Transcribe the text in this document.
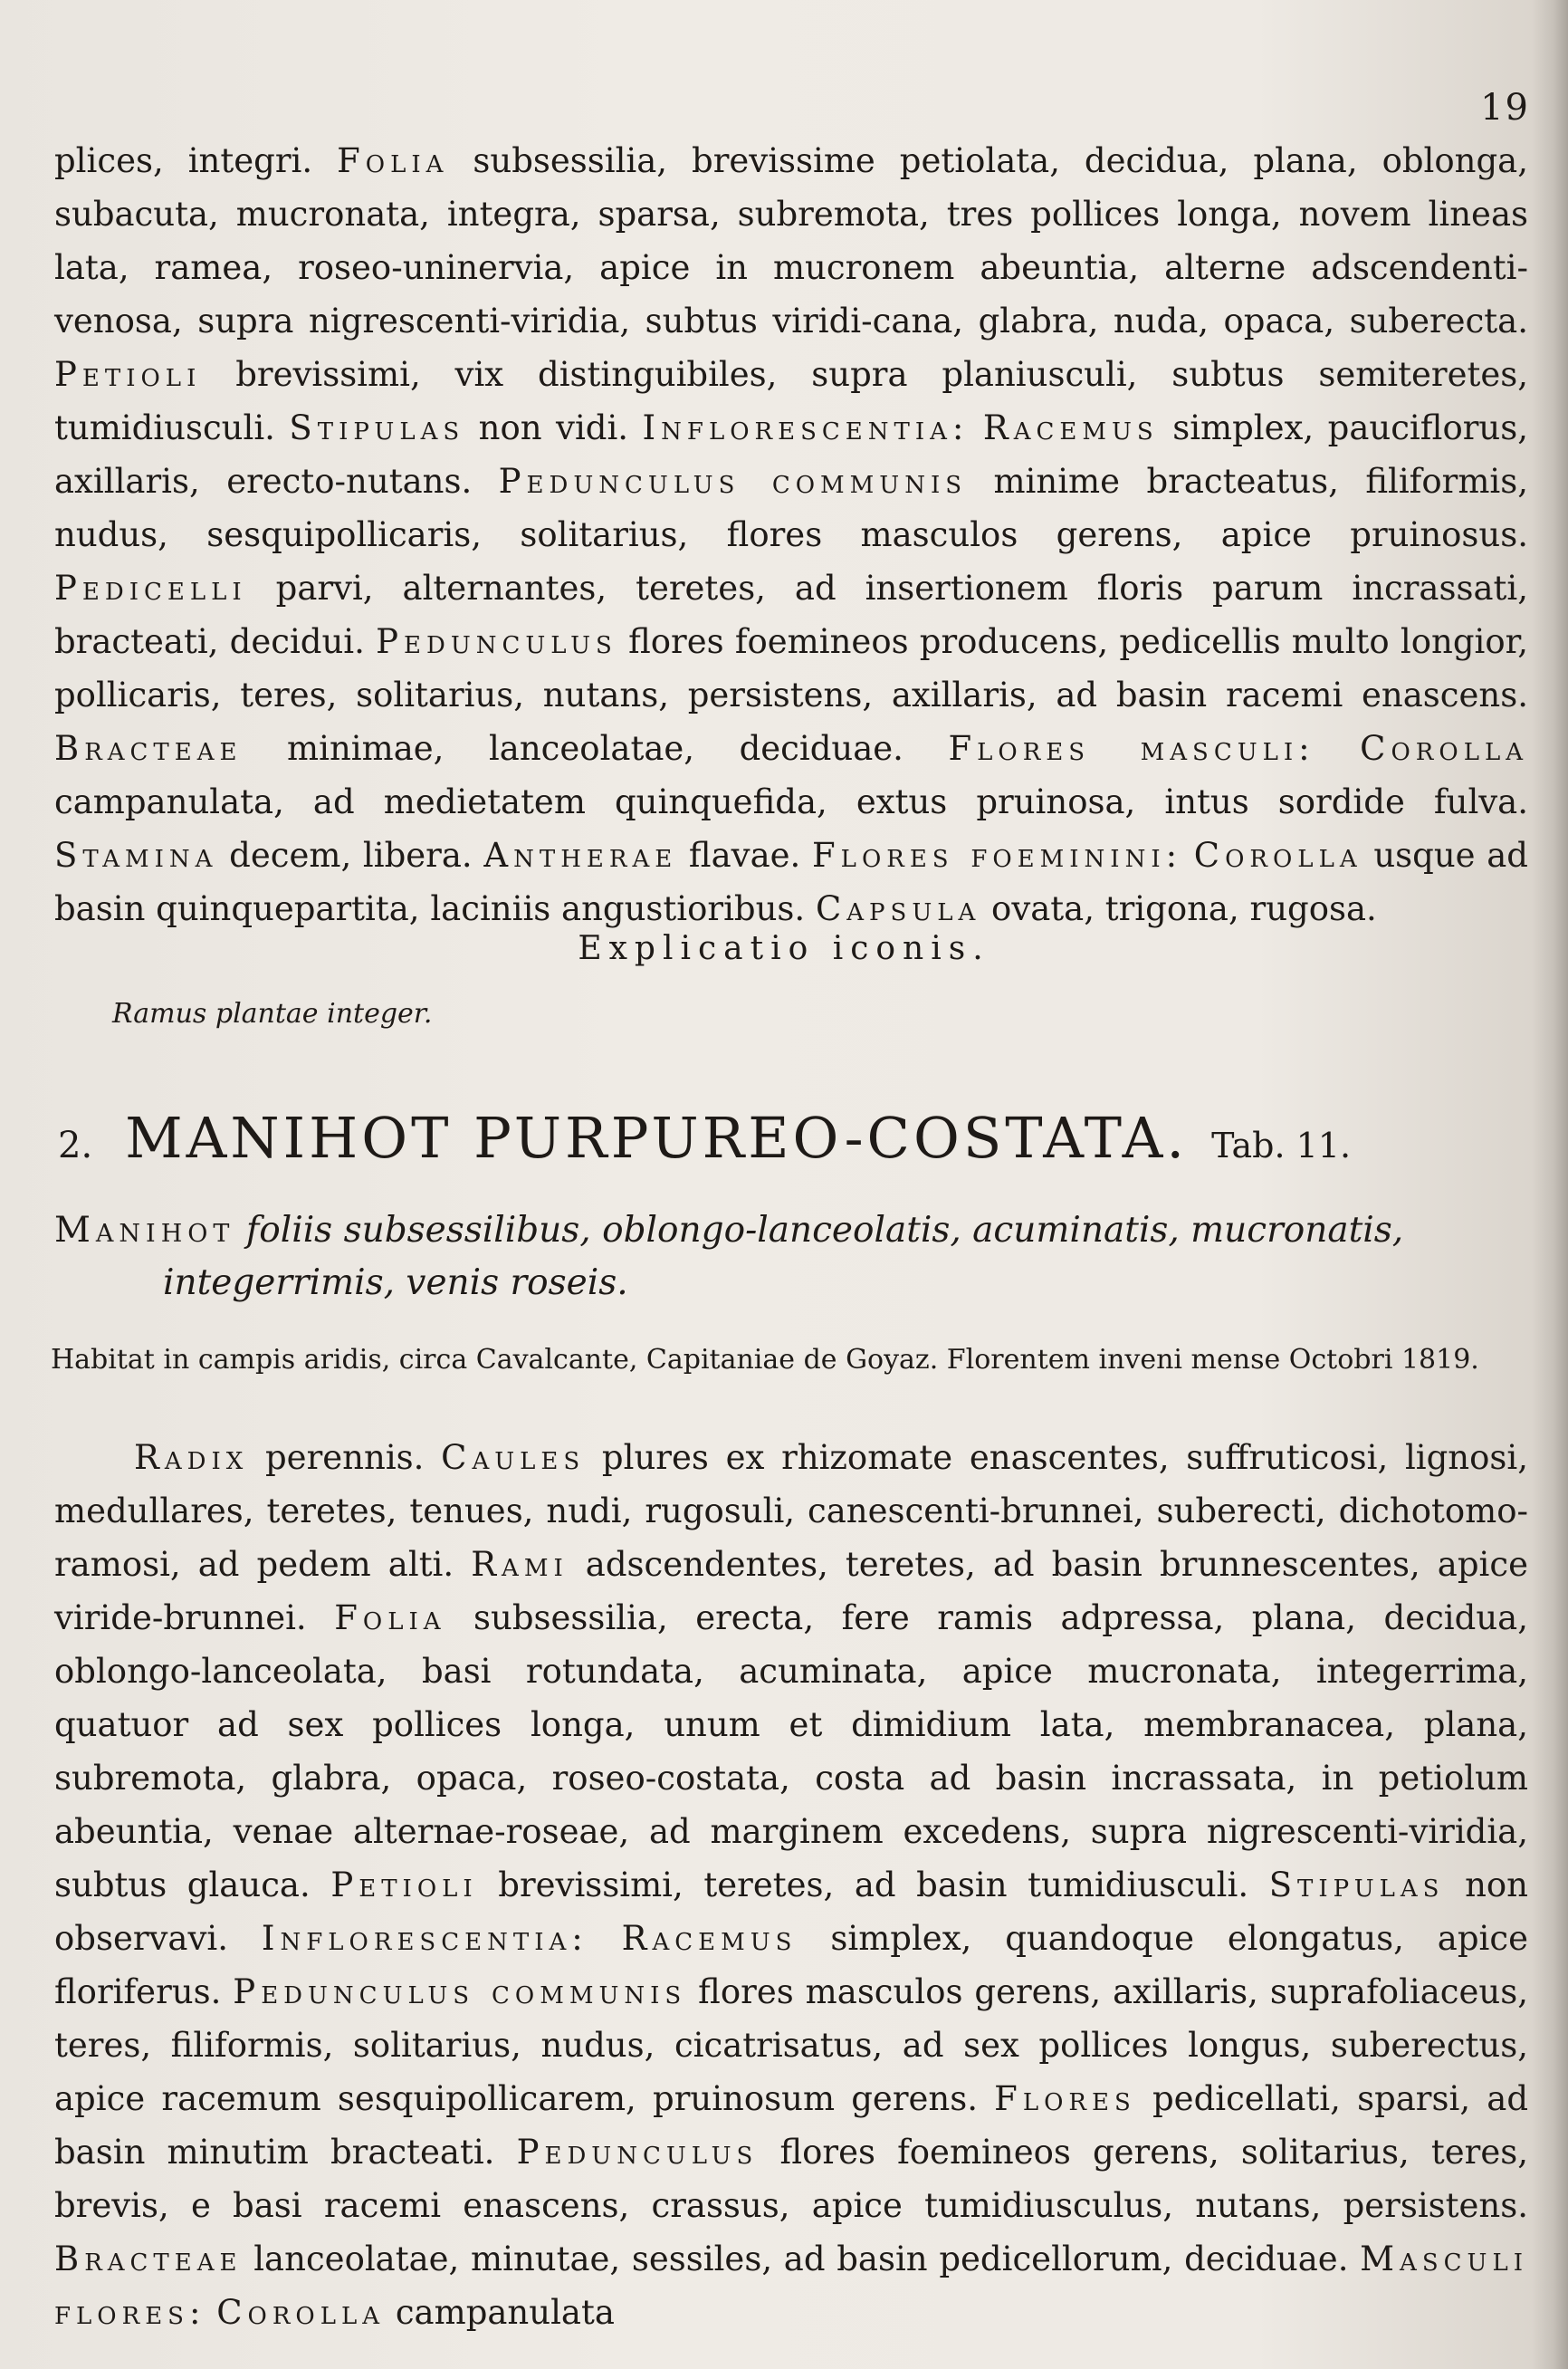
19
plices, integri. Folia subsessilia, brevissime petiolata, decidua, plana, oblonga, subacuta, mucronata, integra, sparsa, subremota, tres pollices longa, novem lineas lata, ramea, roseo-uninervia, apice in mucronem abeuntia, alterne adscendenti-venosa, supra nigrescenti-viridia, subtus viridi-cana, glabra, nuda, opaca, suberecta. Petioli brevissimi, vix distinguibiles, supra planiusculi, subtus semiteretes, tumidiusculi. Stipulas non vidi. Inflorescentia: Racemus simplex, pauciflorus, axillaris, erecto-nutans. Pedunculus communis minime bracteatus, filiformis, nudus, sesquipollicaris, solitarius, flores masculos gerens, apice pruinosus. Pedicelli parvi, alternantes, teretes, ad insertionem floris parum incrassati, bracteati, decidui. Pedunculus flores foemineos producens, pedicellis multo longior, pollicaris, teres, solitarius, nutans, persistens, axillaris, ad basin racemi enascens. Bracteae minimae, lanceolatae, deciduae. Flores masculi: Corolla campanulata, ad medietatem quinquefida, extus pruinosa, intus sordide fulva. Stamina decem, libera. Antherae flavae. Flores foeminini: Corolla usque ad basin quinquepartita, laciniis angustioribus. Capsula ovata, trigona, rugosa.
Explicatio iconis.
Ramus plantae integer.
2. MANIHOT PURPUREO-COSTATA. Tab. 11.
Manihot foliis subsessilibus, oblongo-lanceolatis, acuminatis, mucronatis, integerrimis, venis roseis.
Habitat in campis aridis, circa Cavalcante, Capitaniae de Goyaz. Florentem inveni mense Octobri 1819.
Radix perennis. Caules plures ex rhizomate enascentes, suffruticosi, lignosi, medullares, teretes, tenues, nudi, rugosuli, canescenti-brunnei, suberecti, dichotomo-ramosi, ad pedem alti. Rami adscendentes, teretes, ad basin brunnescentes, apice viride-brunnei. Folia subsessilia, erecta, fere ramis adpressa, plana, decidua, oblongo-lanceolata, basi rotundata, acuminata, apice mucronata, integerrima, quatuor ad sex pollices longa, unum et dimidium lata, membranacea, plana, subremota, glabra, opaca, roseo-costata, costa ad basin incrassata, in petiolum abeuntia, venae alternae-roseae, ad marginem excedens, supra nigrescenti-viridia, subtus glauca. Petioli brevissimi, teretes, ad basin tumidiusculi. Stipulas non observavi. Inflorescentia: Racemus simplex, quandoque elongatus, apice floriferus. Pedunculus communis flores masculos gerens, axillaris, suprafoliaceus, teres, filiformis, solitarius, nudus, cicatrisatus, ad sex pollices longus, suberectus, apice racemum sesquipollicarem, pruinosum gerens. Flores pedicellati, sparsi, ad basin minutim bracteati. Pedunculus flores foemineos gerens, solitarius, teres, brevis, e basi racemi enascens, crassus, apice tumidiusculus, nutans, persistens. Bracteae lanceolatae, minutae, sessiles, ad basin pedicellorum, deciduae. Masculi flores: Corolla campanulata
